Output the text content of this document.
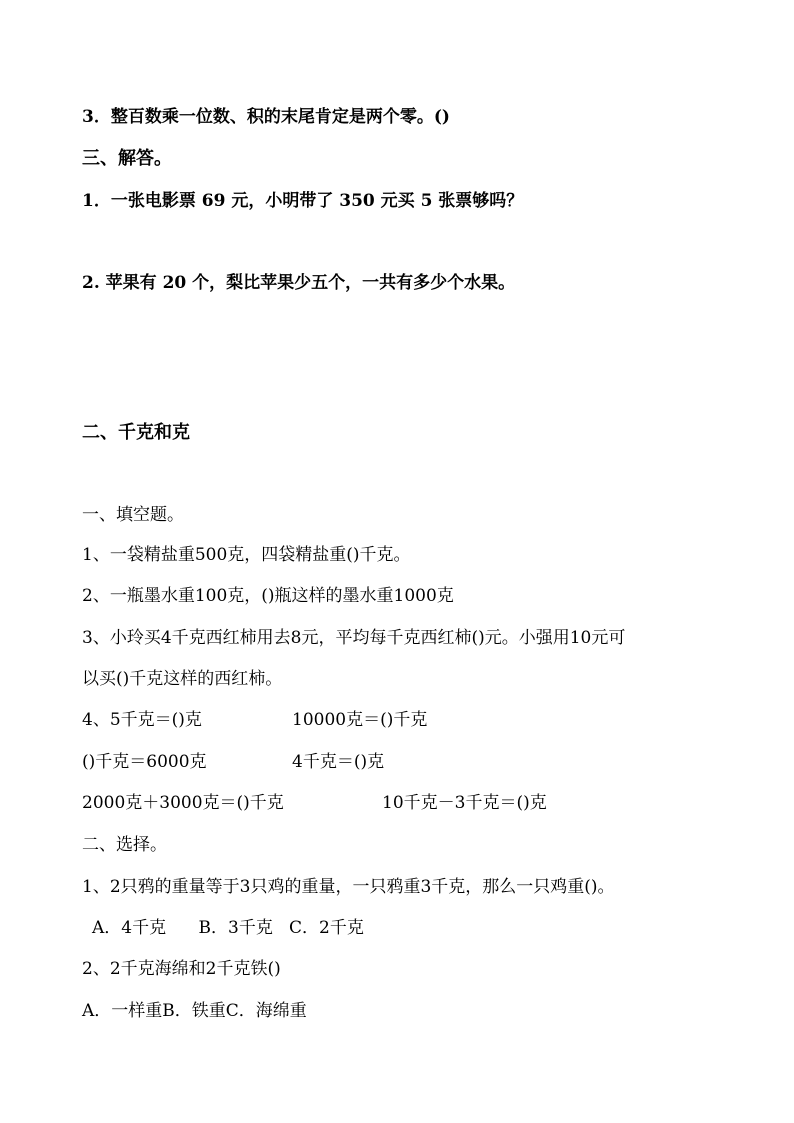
3．整百数乘一位数、积的末尾肯定是两个零。()
三、解答。
1．一张电影票 69 元，小明带了 350 元买 5 张票够吗？
2. 苹果有 20 个，梨比苹果少五个，一共有多少个水果。
二、千克和克
一、填空题。
1、一袋精盐重500克，四袋精盐重()千克。
2、一瓶墨水重100克，()瓶这样的墨水重1000克
3、小玲买4千克西红柿用去8元，平均每千克西红柿()元。小强用10元可
以买()千克这样的西红柿。
4、5千克＝()克	10000克＝()千克
()千克＝6000克	4千克＝()克
2000克＋3000克＝()千克	10千克－3千克＝()克
二、选择。
1、2只鸦的重量等于3只鸡的重量，一只鸦重3千克，那么一只鸡重()。
A．4千克      B．3千克   C．2千克
2、2千克海绵和2千克铁()
A．一样重B．铁重C．海绵重
